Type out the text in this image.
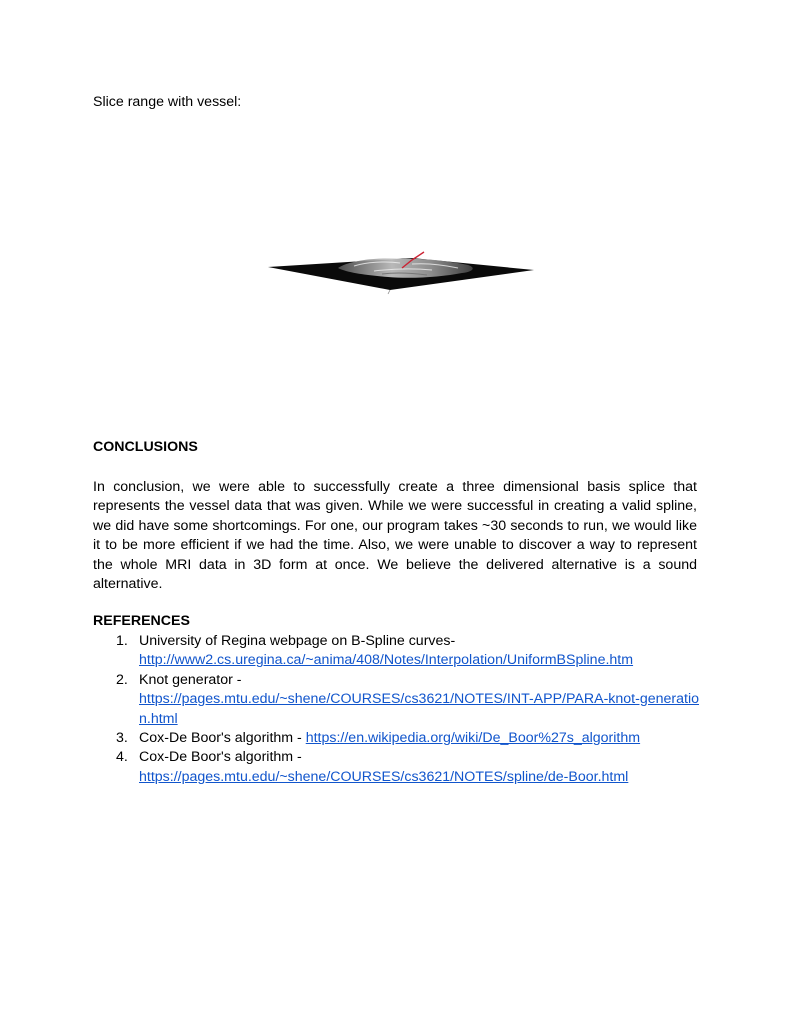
Slice range with vessel:
CONCLUSIONS

In conclusion, we were able to successfully create a three dimensional basis splice that represents the vessel data that was given. While we were successful in creating a valid spline, we did have some shortcomings. For one, our program takes ~30 seconds to run, we would like it to be more efficient if we had the time. Also, we were unable to discover a way to represent the whole MRI data in 3D form at once. We believe the delivered alternative is a sound alternative.

REFERENCES
1. University of Regina webpage on B-Spline curves-
http://www2.cs.uregina.ca/~anima/408/Notes/Interpolation/UniformBSpline.htm
2. Knot generator -
https://pages.mtu.edu/~shene/COURSES/cs3621/NOTES/INT-APP/PARA-knot-generation.html
3. Cox-De Boor's algorithm - https://en.wikipedia.org/wiki/De_Boor%27s_algorithm
4. Cox-De Boor's algorithm -
https://pages.mtu.edu/~shene/COURSES/cs3621/NOTES/spline/de-Boor.html
